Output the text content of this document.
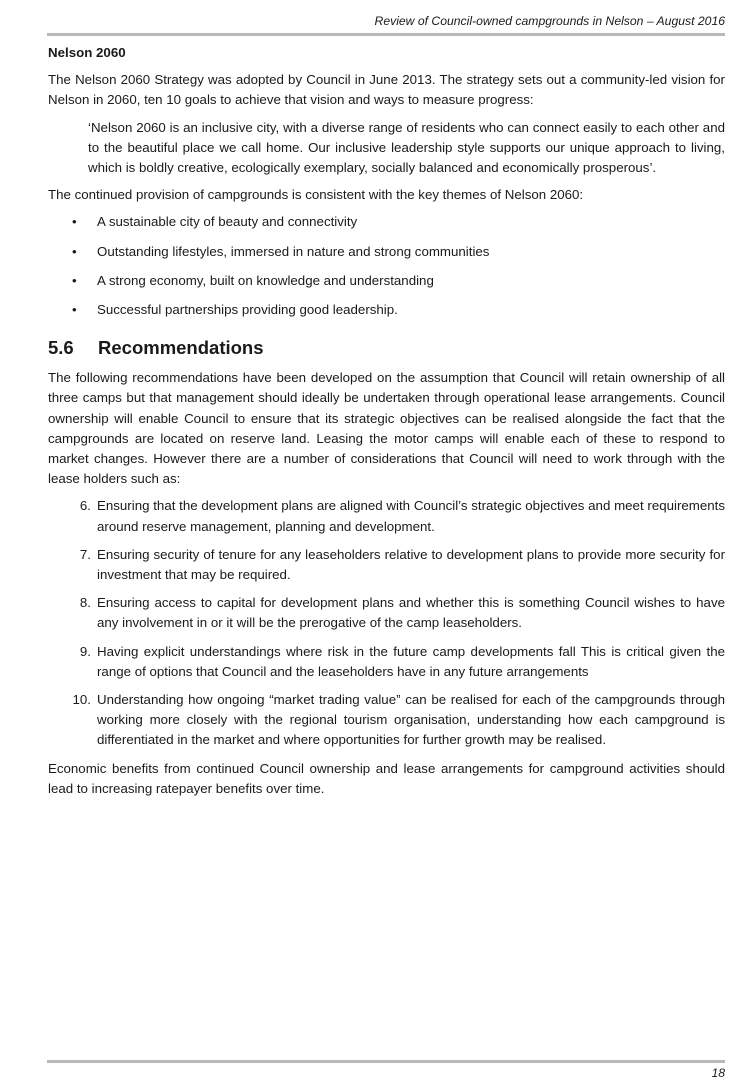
Review of Council-owned campgrounds in Nelson – August 2016
Nelson 2060

The Nelson 2060 Strategy was adopted by Council in June 2013. The strategy sets out a community-led vision for Nelson in 2060, ten 10 goals to achieve that vision and ways to measure progress:

‘Nelson 2060 is an inclusive city, with a diverse range of residents who can connect easily to each other and to the beautiful place we call home. Our inclusive leadership style supports our unique approach to living, which is boldly creative, ecologically exemplary, socially balanced and economically prosperous’.

The continued provision of campgrounds is consistent with the key themes of Nelson 2060:

• A sustainable city of beauty and connectivity
• Outstanding lifestyles, immersed in nature and strong communities
• A strong economy, built on knowledge and understanding
• Successful partnerships providing good leadership.
5.6 Recommendations

The following recommendations have been developed on the assumption that Council will retain ownership of all three camps but that management should ideally be undertaken through operational lease arrangements. Council ownership will enable Council to ensure that its strategic objectives can be realised alongside the fact that the campgrounds are located on reserve land. Leasing the motor camps will enable each of these to respond to market changes. However there are a number of considerations that Council will need to work through with the lease holders such as:

6. Ensuring that the development plans are aligned with Council’s strategic objectives and meet requirements around reserve management, planning and development.
7. Ensuring security of tenure for any leaseholders relative to development plans to provide more security for investment that may be required.
8. Ensuring access to capital for development plans and whether this is something Council wishes to have any involvement in or it will be the prerogative of the camp leaseholders.
9. Having explicit understandings where risk in the future camp developments fall This is critical given the range of options that Council and the leaseholders have in any future arrangements
10. Understanding how ongoing “market trading value” can be realised for each of the campgrounds through working more closely with the regional tourism organisation, understanding how each campground is differentiated in the market and where opportunities for further growth may be realised.

Economic benefits from continued Council ownership and lease arrangements for campground activities should lead to increasing ratepayer benefits over time.

18
